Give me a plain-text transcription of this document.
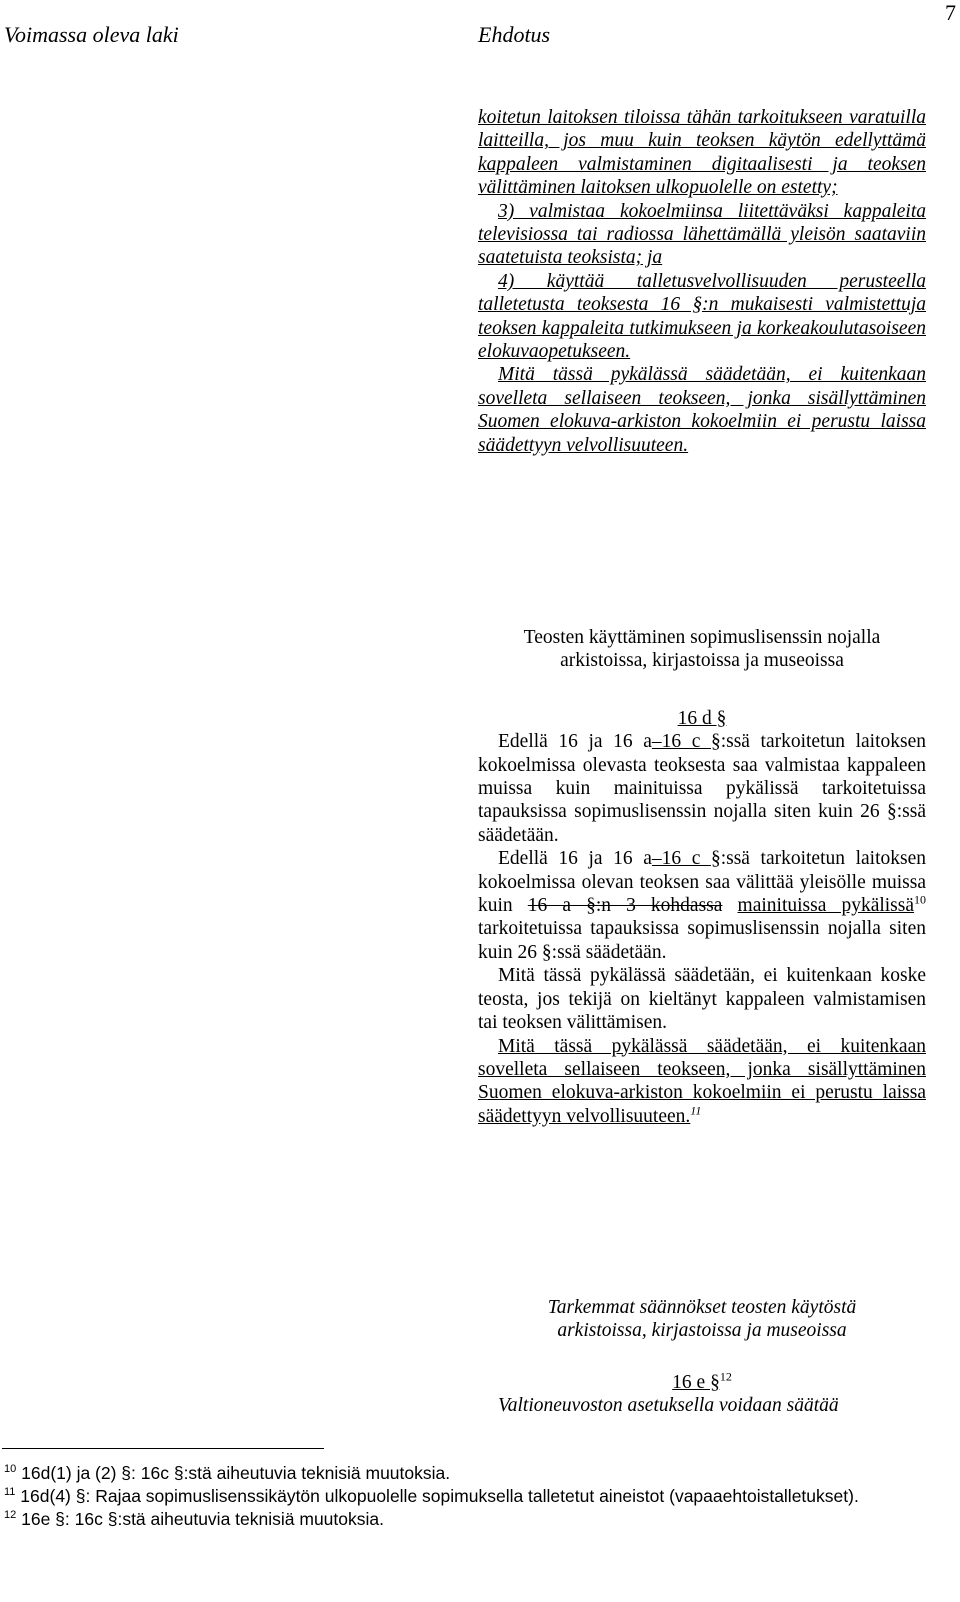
Voimassa oleva laki	Ehdotus
7

koitetun laitoksen tiloissa tähän tarkoitukseen varatuilla laitteilla, jos muu kuin teoksen käytön edellyttämä kappaleen valmistaminen digitaalisesti ja teoksen välittäminen laitoksen ulkopuolelle on estetty;

3) valmistaa kokoelmiinsa liitettäväksi kappaleita televisiossa tai radiossa lähettämällä yleisön saataviin saatetuista teoksista; ja

4) käyttää talletusvelvollisuuden perusteella talletetusta teoksesta 16 §:n mukaisesti valmistettuja teoksen kappaleita tutkimukseen ja korkeakoulutasoiseen elokuvaopetukseen.

Mitä tässä pykälässä säädetään, ei kuitenkaan sovelleta sellaiseen teokseen, jonka sisällyttäminen Suomen elokuva-arkiston kokoelmiin ei perustu laissa säädettyyn velvollisuuteen.

Teosten käyttäminen sopimuslisenssin nojalla arkistoissa, kirjastoissa ja museoissa

16 d §

Edellä 16 ja 16 a–16 c §:ssä tarkoitetun laitoksen kokoelmissa olevasta teoksesta saa valmistaa kappaleen muissa kuin mainituissa pykälissä tarkoitetuissa tapauksissa sopimuslisenssin nojalla siten kuin 26 §:ssä säädetään.

Edellä 16 ja 16 a–16 c §:ssä tarkoitetun laitoksen kokoelmissa olevan teoksen saa välittää yleisölle muissa kuin 16 a §:n 3 kohdassa mainituissa pykälissä$^{10}$ tarkoitetuissa tapauksissa sopimuslisenssin nojalla siten kuin 26 §:ssä säädetään.

Mitä tässä pykälässä säädetään, ei kuitenkaan koske teosta, jos tekijä on kieltänyt kappaleen valmistamisen tai teoksen välittämisen.

Mitä tässä pykälässä säädetään, ei kuitenkaan sovelleta sellaiseen teokseen, jonka sisällyttäminen Suomen elokuva-arkiston kokoelmiin ei perustu laissa säädettyyn velvollisuuteen.$^{11}$

Tarkemmat säännökset teosten käytöstä arkistoissa, kirjastoissa ja museoissa

16 e §$^{12}$

Valtioneuvoston asetuksella voidaan säätää

$^{10}$ 16d(1) ja (2) §: 16c §:stä aiheutuvia teknisiä muutoksia.

$^{11}$ 16d(4) §: Rajaa sopimuslisenssikäytön ulkopuolelle sopimuksella talletetut aineistot (vapaaehtoistalletukset).

$^{12}$ 16e §: 16c §:stä aiheutuvia teknisiä muutoksia.
